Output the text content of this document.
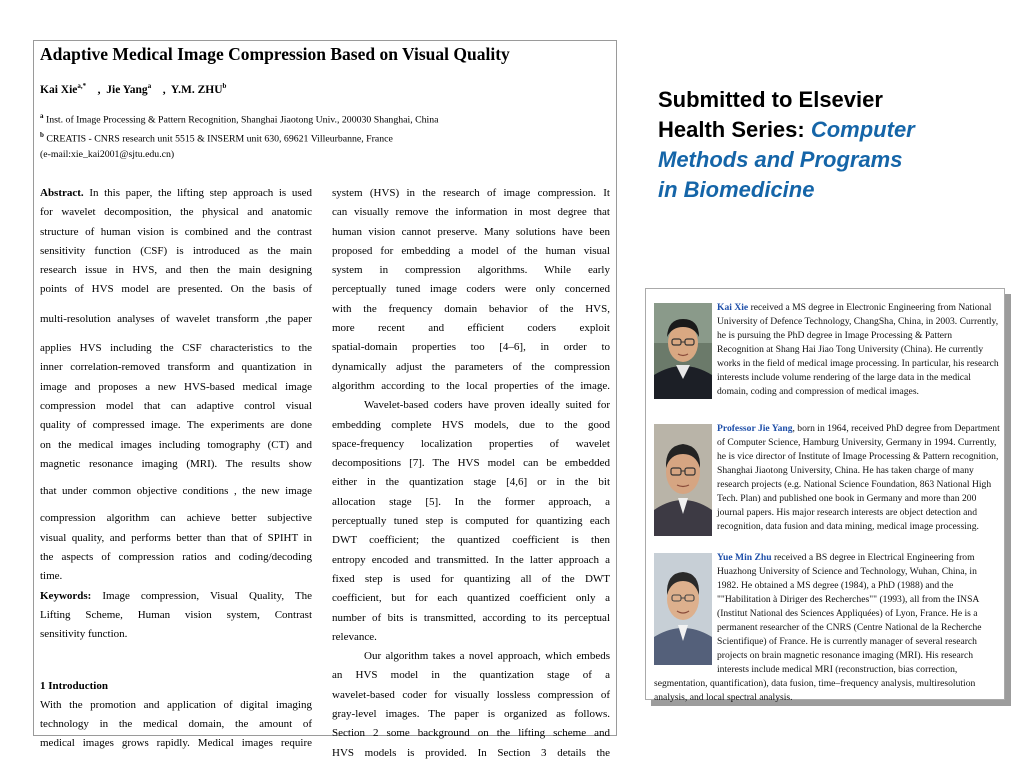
Adaptive Medical Image Compression Based on Visual Quality
Kai Xie$^{a,*}$ , Jie Yang$^a$ , Y.M. ZHU$^b$
$^a$ Inst. of Image Processing & Pattern Recognition, Shanghai Jiaotong Univ., 200030 Shanghai, China
$^b$ CREATIS - CNRS research unit 5515 & INSERM unit 630, 69621 Villeurbanne, France
(e-mail:xie_kai2001@sjtu.edu.cn)
Abstract. In this paper, the lifting step approach is used
for wavelet decomposition, the physical and anatomic
structure of human vision is combined and the contrast
sensitivity function (CSF) is introduced as the main
research issue in HVS, and then the main designing
points of HVS model are presented. On the basis of
multi-resolution analyses of wavelet transform ,the paper
applies HVS including the CSF characteristics to the
inner correlation-removed transform and quantization in
image and proposes a new HVS-based medical image
compression model that can adaptive control visual
quality of compressed image. The experiments are done
on the medical images including tomography (CT) and
magnetic resonance imaging (MRI). The results show
that under common objective conditions , the new image
compression algorithm can achieve better subjective
visual quality, and performs better than that of SPIHT in
the aspects of compression ratios and coding/decoding
time.
Keywords: Image compression, Visual Quality, The
Lifting Scheme, Human vision system, Contrast
sensitivity function.
1 Introduction
With the promotion and application of digital imaging
technology in the medical domain, the amount of
medical images grows rapidly. Medical images require
system (HVS) in the research of image compression. It
can visually remove the information in most degree that
human vision cannot preserve. Many solutions have been
proposed for embedding a model of the human visual
system in compression algorithms. While early
perceptually tuned image coders were only concerned
with the frequency domain behavior of the HVS,
more recent and efficient coders exploit
spatial-domain properties too [4–6], in order to
dynamically adjust the parameters of the compression
algorithm according to the local properties of the image.
Wavelet-based coders have proven ideally suited for
embedding complete HVS models, due to the good
space-frequency localization properties of wavelet
decompositions [7]. The HVS model can be embedded
either in the quantization stage [4,6] or in the bit
allocation stage [5]. In the former approach, a
perceptually tuned step is computed for quantizing each
DWT coefficient; the quantized coefficient is then
entropy encoded and transmitted. In the latter approach a
fixed step is used for quantizing all of the DWT
coefficient, but for each quantized coefficient only a
number of bits is transmitted, according to its perceptual
relevance.
Our algorithm takes a novel approach, which embeds
an HVS model in the quantization stage of a
wavelet-based coder for visually lossless compression of
gray-level images. The paper is organized as follows.
Section 2 some background on the lifting scheme and
HVS models is provided. In Section 3 details the
Submitted to Elsevier
Health Series: Computer
Methods and Programs
in Biomedicine
Kai Xie received a MS degree in Electronic Engineering from National University of Defence Technology, ChangSha, China, in 2003. Currently, he is pursuing the PhD degree in Image Processing & Pattern Recognition at Shang Hai Jiao Tong University (China). He currently works in the field of medical image processing. In particular, his research interests include volume rendering of the large data in the medical domain, coding and compression of medical images.
Professor Jie Yang, born in 1964, received PhD degree from Department of Computer Science, Hamburg University, Germany in 1994. Currently, he is vice director of Institute of Image Processing & Pattern recognition, Shanghai Jiaotong University, China. He has taken charge of many research projects (e.g. National Science Foundation, 863 National High Tech. Plan) and published one book in Germany and more than 200 journal papers. His major research interests are object detection and recognition, data fusion and data mining, medical image processing.
Yue Min Zhu received a BS degree in Electrical Engineering from Huazhong University of Science and Technology, Wuhan, China, in 1982. He obtained a MS degree (1984), a PhD (1988) and the ""Habilitation à Diriger des Recherches"" (1993), all from the INSA (Institut National des Sciences Appliquées) of Lyon, France. He is a permanent researcher of the CNRS (Centre National de la Recherche Scientifique) of France. He is currently manager of several research projects on brain magnetic resonance imaging (MRI). His research interests include medical MRI (reconstruction, bias correction, segmentation, quantification), data fusion, time–frequency analysis, multiresolution analysis, and local spectral analysis.
